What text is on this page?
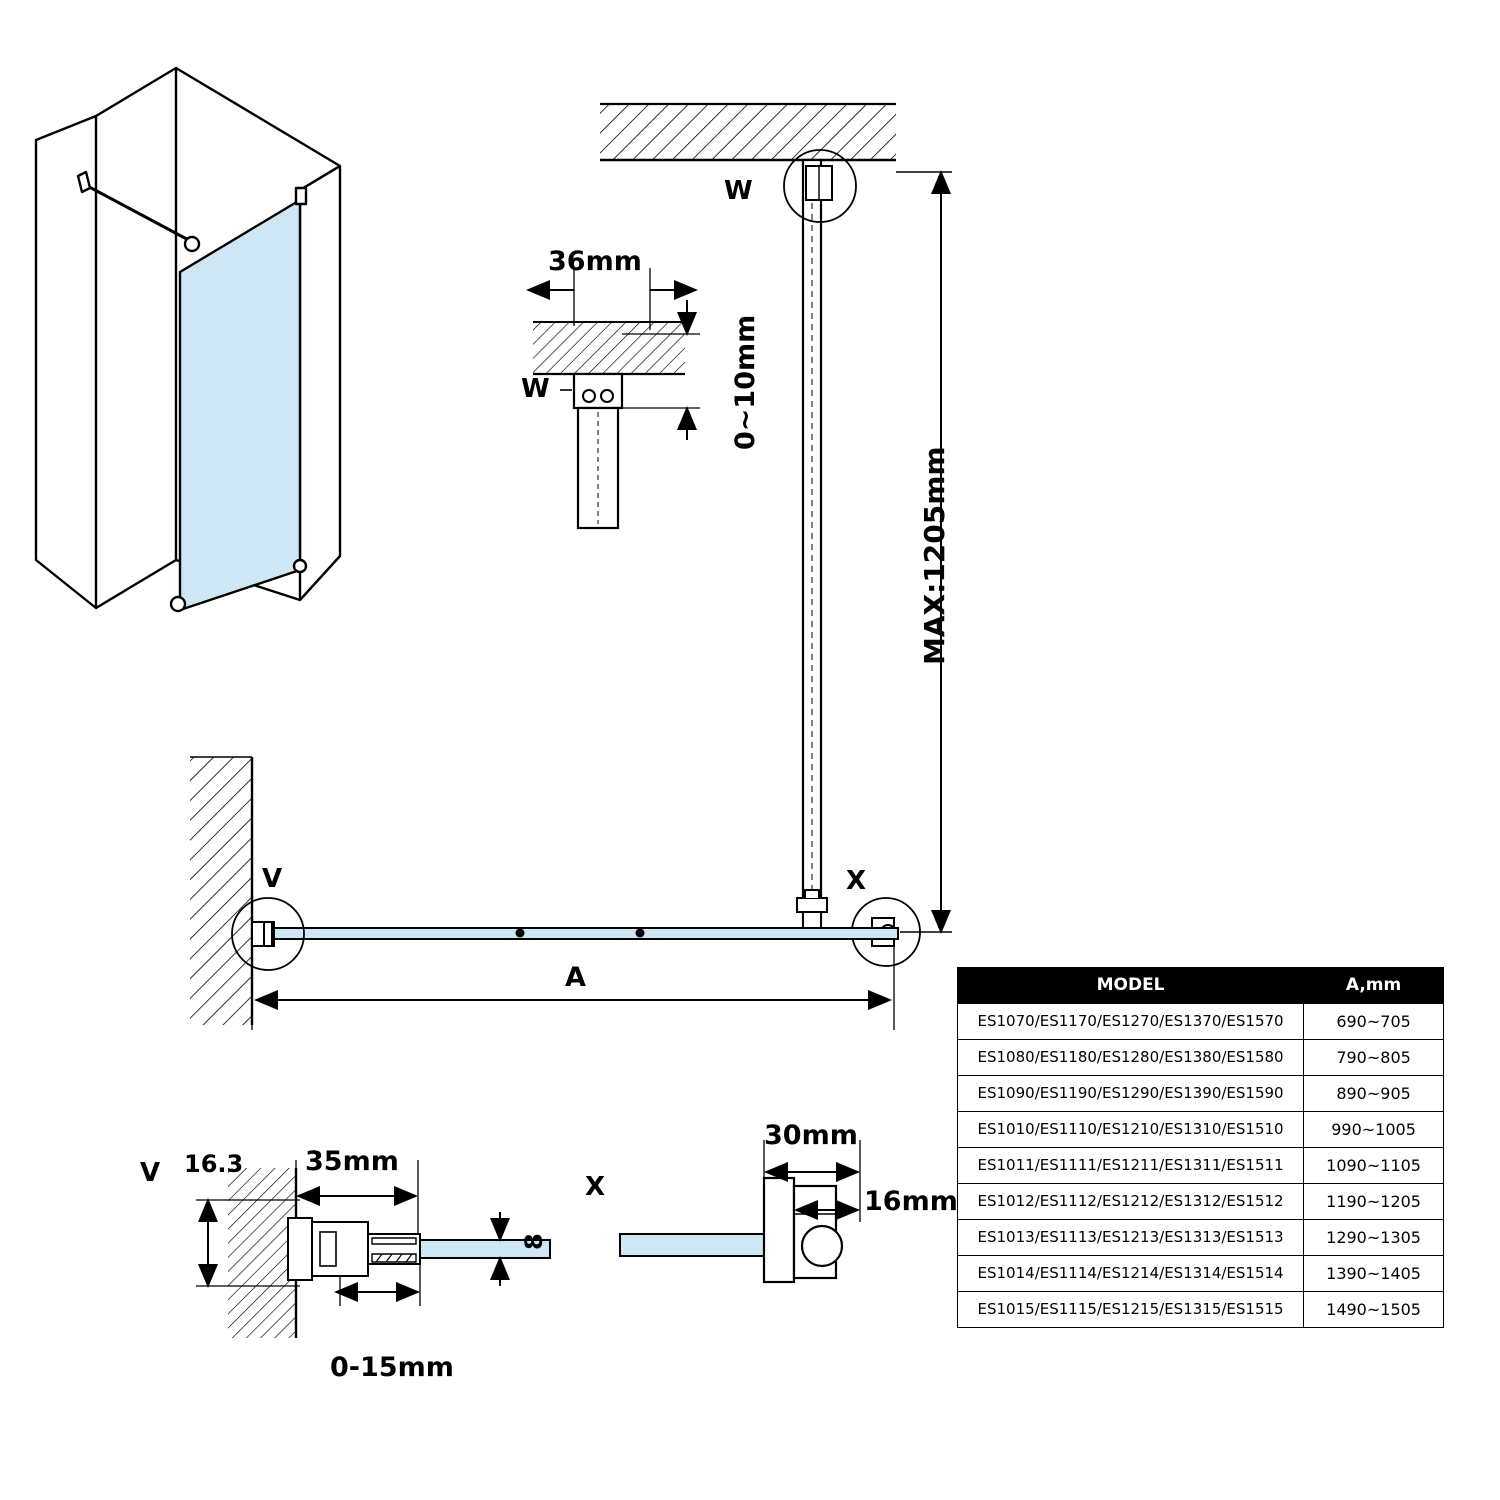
W
W
36mm
0~10mm
MAX:1205mm
V	X
A
V 16.3 35mm
8
0-15mm
X
30mm
16mm
MODEL	A,mm
ES1070/ES1170/ES1270/ES1370/ES1570	690~705
ES1080/ES1180/ES1280/ES1380/ES1580	790~805
ES1090/ES1190/ES1290/ES1390/ES1590	890~905
ES1010/ES1110/ES1210/ES1310/ES1510	990~1005
ES1011/ES1111/ES1211/ES1311/ES1511	1090~1105
ES1012/ES1112/ES1212/ES1312/ES1512	1190~1205
ES1013/ES1113/ES1213/ES1313/ES1513	1290~1305
ES1014/ES1114/ES1214/ES1314/ES1514	1390~1405
ES1015/ES1115/ES1215/ES1315/ES1515	1490~1505
